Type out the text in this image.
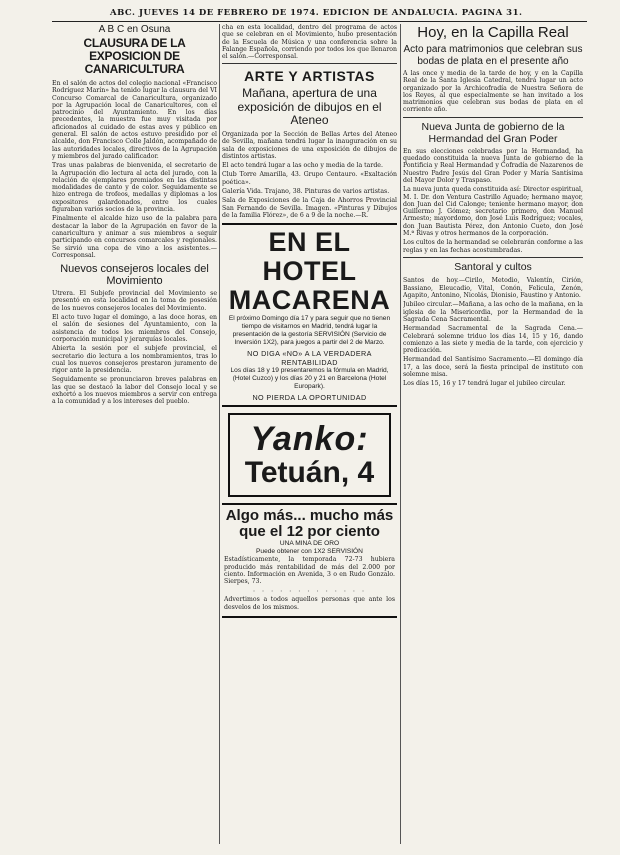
ABC. JUEVES 14 DE FEBRERO DE 1974. EDICION DE ANDALUCIA. PAGINA 31.
A B C en Osuna
CLAUSURA DE LA EXPOSICION DE CANARICULTURA

En el salón de actos del colegio nacional «Francisco Rodríguez Marín» ha tenido lugar la clausura del VI Concurso Comarcal de Canaricultura, organizado por la Agrupación local de Canaricultores, con el patrocinio del Ayuntamiento. En los días precedentes, la muestra fue muy visitada por aficionados al cuidado de estas aves y público en general. El salón de actos estuvo presidido por el alcalde, don Francisco Colle Jaldón, acompañado de las autoridades locales, directivos de la Agrupación y miembros del jurado calificador.

Tras unas palabras de bienvenida, el secretario de la Agrupación dio lectura al acta del jurado, con la relación de ejemplares premiados en las distintas modalidades de canto y de color. Seguidamente se hizo entrega de trofeos, medallas y diplomas a los expositores galardonados, entre los cuales figuraban varios socios de la provincia.

Finalmente el alcalde hizo uso de la palabra para destacar la labor de la Agrupación en favor de la canaricultura y animar a sus miembros a seguir participando en concursos comarcales y regionales. Se sirvió una copa de vino a los asistentes.—Corresponsal.

Nuevos consejeros locales del Movimiento

Utrera. El Subjefe provincial del Movimiento se presentó en esta localidad en la toma de posesión de los nuevos consejeros locales del Movimiento.

El acto tuvo lugar el domingo, a las doce horas, en el salón de sesiones del Ayuntamiento, con la asistencia de todos los miembros del Consejo, corporación municipal y jerarquías locales.

Abierta la sesión por el subjefe provincial, el secretario dio lectura a los nombramientos, tras lo cual los nuevos consejeros prestaron juramento de rigor ante la presidencia.

Seguidamente se pronunciaron breves palabras en las que se destacó la labor del Consejo local y se exhortó a los nuevos miembros a servir con entrega a la comunidad y a los intereses del pueblo.

cha en esta localidad, dentro del programa de actos que se celebran en el Movimiento, hubo presentación de la Escuela de Música y una conferencia sobre la Falange Española, corriendo por todos los que llenaron el salón.—Corresponsal.

ARTE Y ARTISTAS
Mañana, apertura de una exposición de dibujos en el Ateneo

Organizada por la Sección de Bellas Artes del Ateneo de Sevilla, mañana tendrá lugar la inauguración en su sala de exposiciones de una exposición de dibujos de distintos artistas.

El acto tendrá lugar a las ocho y media de la tarde.

Club Torre Amarilla, 43. Grupo Centauro. «Exaltación poética».

Galería Vida. Trajano, 38. Pinturas de varios artistas.

Sala de Exposiciones de la Caja de Ahorros Provincial San Fernando de Sevilla. Imagen. «Pinturas y Dibujos de la familia Flórez», de 6 a 9 de la noche.—R.

EN EL HOTEL
MACARENA
El próximo Domingo día 17 y para seguir que no tienen tiempo de visitarnos en Madrid, tendrá lugar la presentación de la gestoría SERVISIÓN (Servicio de Inversión 1X2), para juegos a partir del 2 de Marzo.
NO DIGA «NO» A LA VERDADERA RENTABILIDAD
Los días 18 y 19 presentaremos la fórmula en Madrid, (Hotel Cuzco) y los días 20 y 21 en Barcelona (Hotel Europark).
NO PIERDA LA OPORTUNIDAD
Yanko:
Tetuán, 4
Algo más... mucho más que el 12 por ciento
UNA MINA DE ORO
Puede obtener con 1X2 SERVISIÓN

Estadísticamente, la temporada 72-73 hubiera producido más rentabilidad de más del 2.000 por ciento. Información en Avenida, 3 o en Rudo Gonzalo. Sierpes, 73.

· · · · · · · · · · · · ·

Advertimos a todos aquellos personas que ante los desvelos de los mismos.

Hoy, en la Capilla Real
Acto para matrimonios que celebran sus bodas de plata en el presente año

A las once y media de la tarde de hoy, y en la Capilla Real de la Santa Iglesia Catedral, tendrá lugar un acto organizado por la Archicofradía de Nuestra Señora de los Reyes, al que especialmente se han invitado a los matrimonios que celebran sus bodas de plata en el corriente año.

Nueva Junta de gobierno de la Hermandad del Gran Poder

En sus elecciones celebradas por la Hermandad, ha quedado constituida la nueva Junta de gobierno de la Pontificia y Real Hermandad y Cofradía de Nazarenos de Nuestro Padre Jesús del Gran Poder y María Santísima del Mayor Dolor y Traspaso.

La nueva junta queda constituida así: Director espiritual, M. I. Dr. don Ventura Castrillo Aguado; hermano mayor, don Juan del Cid Calonge; teniente hermano mayor, don Guillermo J. Gómez; secretario primero, don Manuel Armesto; mayordomo, don José Luis Rodríguez; vocales, don Juan Bautista Pérez, don Antonio Cueto, don José M.ª Rivas y otros hermanos de la corporación.

Los cultos de la hermandad se celebrarán conforme a las reglas y en las fechas acostumbradas.

Santoral y cultos

Santos de hoy.—Cirilo, Metodio, Valentín, Cirión, Bassiano, Eleucadio, Vital, Conón, Felicula, Zenón, Agapito, Antonino, Nicolás, Dionisio, Faustino y Antonio.

Jubileo circular.—Mañana, a las ocho de la mañana, en la iglesia de la Misericordia, por la Hermandad de la Sagrada Cena Sacramental.

Hermandad Sacramental de la Sagrada Cena.—Celebrará solemne triduo los días 14, 15 y 16, dando comienzo a las siete y media de la tarde, con ejercicio y predicación.

Hermandad del Santísimo Sacramento.—El domingo día 17, a las doce, será la fiesta principal de instituto con solemne misa.

Los días 15, 16 y 17 tendrá lugar el jubileo circular.
